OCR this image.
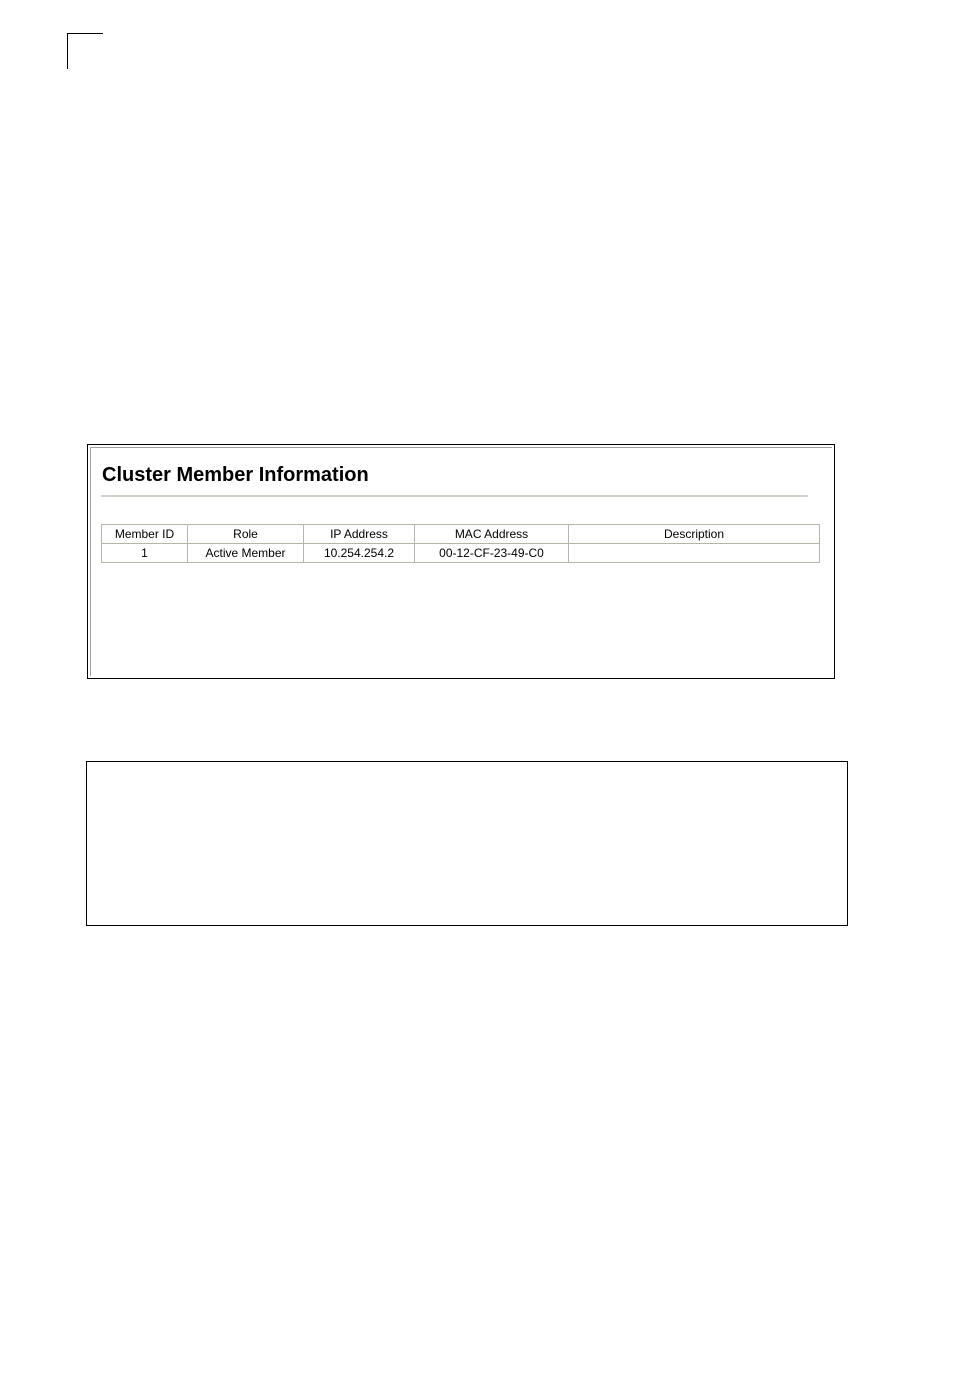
Cluster Member Information
Member ID	Role	IP Address	MAC Address	Description
1	Active Member	10.254.254.2	00-12-CF-23-49-C0	
